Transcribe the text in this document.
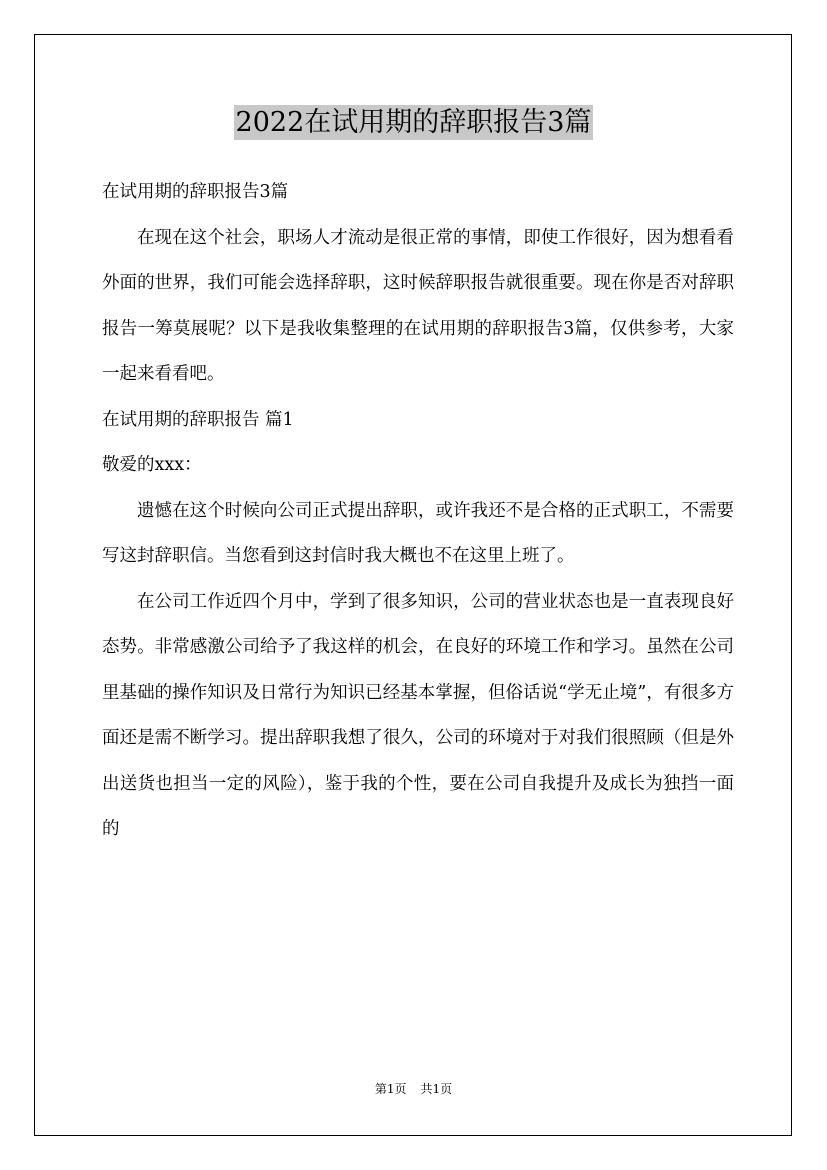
2022在试用期的辞职报告3篇

在试用期的辞职报告3篇

在现在这个社会，职场人才流动是很正常的事情，即使工作很好，因为想看看外面的世界，我们可能会选择辞职，这时候辞职报告就很重要。现在你是否对辞职报告一筹莫展呢？以下是我收集整理的在试用期的辞职报告3篇，仅供参考，大家一起来看看吧。

在试用期的辞职报告 篇1

敬爱的xxx：

遗憾在这个时候向公司正式提出辞职，或许我还不是合格的正式职工，不需要写这封辞职信。当您看到这封信时我大概也不在这里上班了。

在公司工作近四个月中，学到了很多知识，公司的营业状态也是一直表现良好态势。非常感激公司给予了我这样的机会，在良好的环境工作和学习。虽然在公司里基础的操作知识及日常行为知识已经基本掌握，但俗话说“学无止境”，有很多方面还是需不断学习。提出辞职我想了很久，公司的环境对于对我们很照顾（但是外出送货也担当一定的风险），鉴于我的个性，要在公司自我提升及成长为独挡一面的

第1页 共1页
